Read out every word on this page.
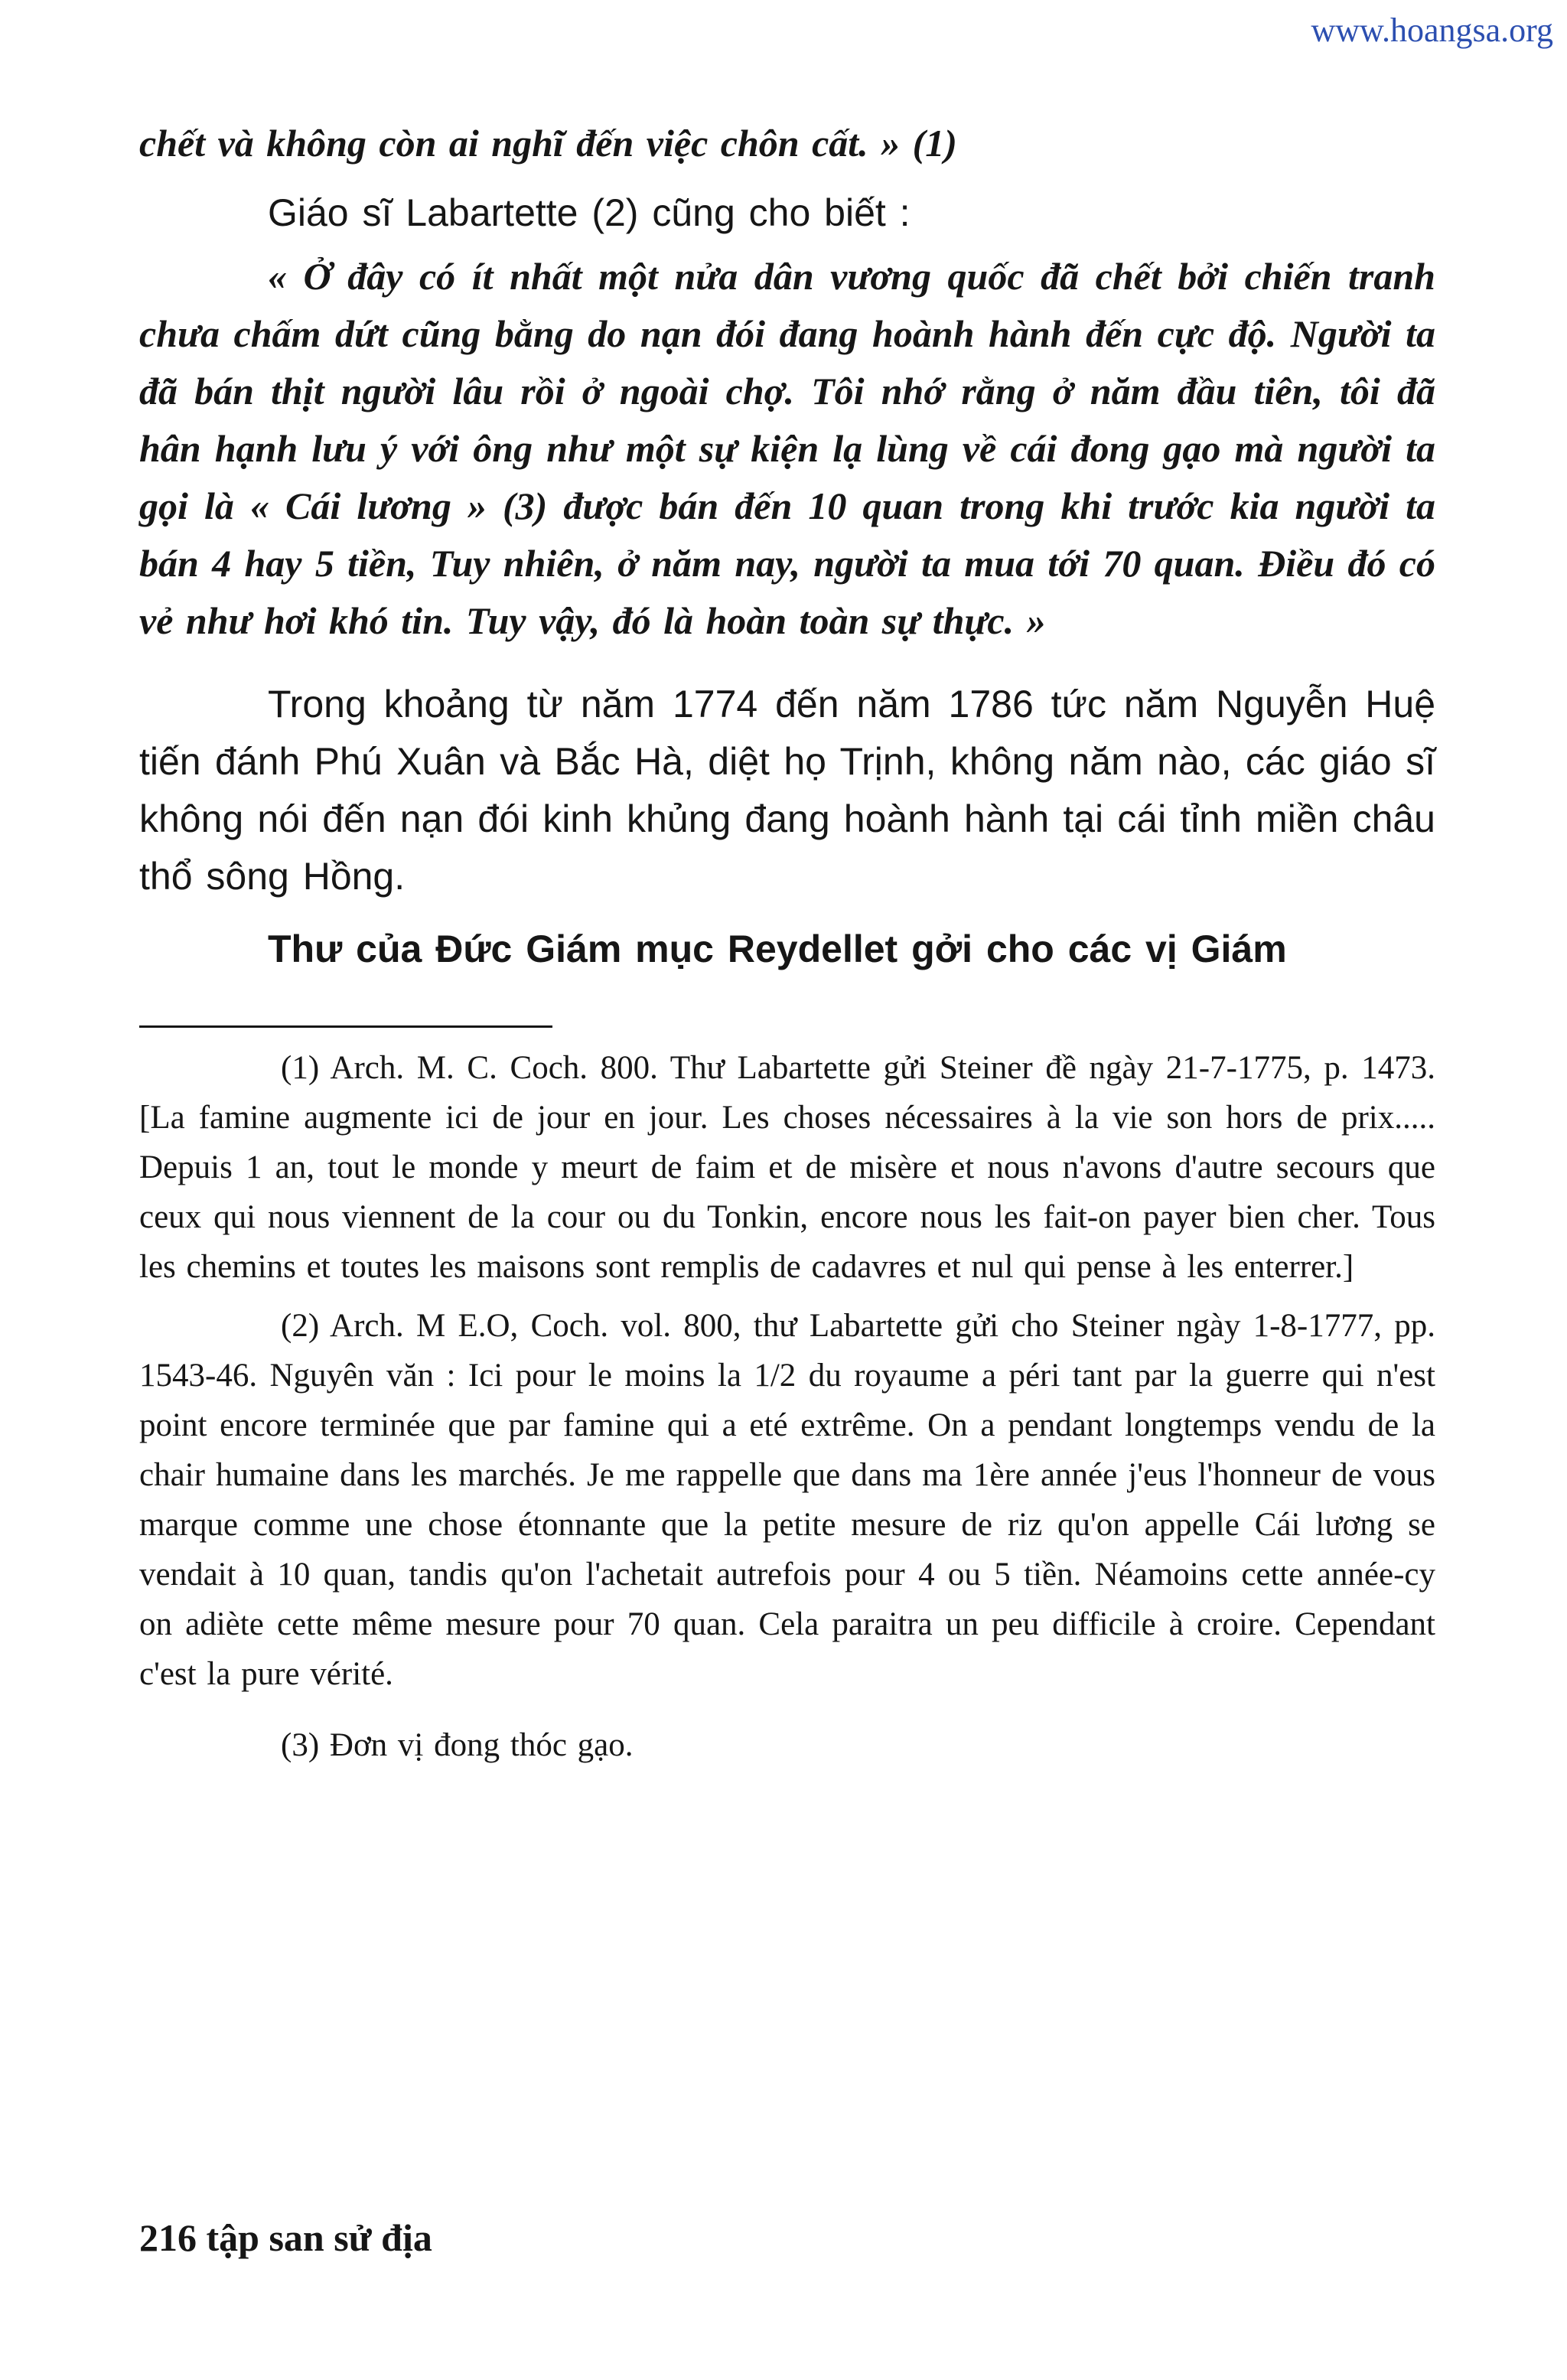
www.hoangsa.org

chết và không còn ai nghĩ đến việc chôn cất. » (1)

Giáo sĩ Labartette (2) cũng cho biết :

« Ở đây có ít nhất một nửa dân vương quốc đã chết bởi chiến tranh chưa chấm dứt cũng bằng do nạn đói đang hoành hành đến cực độ. Người ta đã bán thịt người lâu rồi ở ngoài chợ. Tôi nhớ rằng ở năm đầu tiên, tôi đã hân hạnh lưu ý với ông như một sự kiện lạ lùng về cái đong gạo mà người ta gọi là « Cái lương » (3) được bán đến 10 quan trong khi trước kia người ta bán 4 hay 5 tiền, Tuy nhiên, ở năm nay, người ta mua tới 70 quan. Điều đó có vẻ như hơi khó tin. Tuy vậy, đó là hoàn toàn sự thực. »

Trong khoảng từ năm 1774 đến năm 1786 tức năm Nguyễn Huệ tiến đánh Phú Xuân và Bắc Hà, diệt họ Trịnh, không năm nào, các giáo sĩ không nói đến nạn đói kinh khủng đang hoành hành tại cái tỉnh miền châu thổ sông Hồng.

Thư của Đức Giám mục Reydellet gởi cho các vị Giám

(1) Arch. M. C. Coch. 800. Thư Labartette gửi Steiner đề ngày 21-7-1775, p. 1473. [La famine augmente ici de jour en jour. Les choses nécessaires à la vie son hors de prix..... Depuis 1 an, tout le monde y meurt de faim et de misère et nous n'avons d'autre secours que ceux qui nous viennent de la cour ou du Tonkin, encore nous les fait-on payer bien cher. Tous les chemins et toutes les maisons sont remplis de cadavres et nul qui pense à les enterrer.]

(2) Arch. M E.O, Coch. vol. 800, thư Labartette gửi cho Steiner ngày 1-8-1777, pp. 1543-46. Nguyên văn : Ici pour le moins la 1/2 du royaume a péri tant par la guerre qui n'est point encore terminée que par famine qui a eté extrême. On a pendant longtemps vendu de la chair humaine dans les marchés. Je me rappelle que dans ma 1ère année j'eus l'honneur de vous marque comme une chose étonnante que la petite mesure de riz qu'on appelle Cái lương se vendait à 10 quan, tandis qu'on l'achetait autrefois pour 4 ou 5 tiền. Néamoins cette année-cy on adiète cette même mesure pour 70 quan. Cela paraitra un peu difficile à croire. Cependant c'est la pure vérité.

(3) Đơn vị đong thóc gạo.

216 tập san sử địa
